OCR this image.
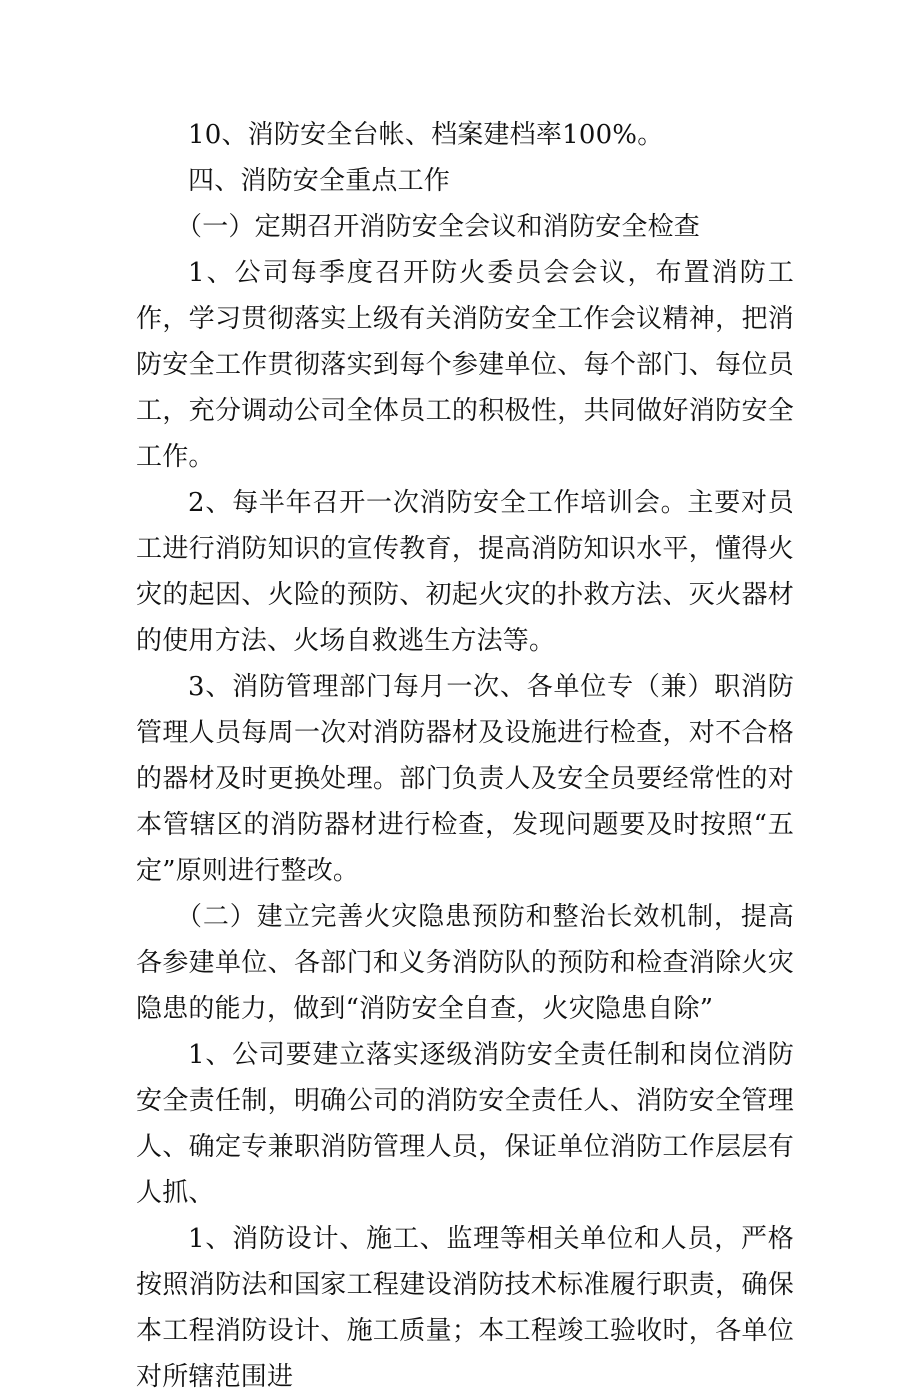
10、消防安全台帐、档案建档率100%。

四、消防安全重点工作

（一）定期召开消防安全会议和消防安全检查

1、公司每季度召开防火委员会会议，布置消防工作，学习贯彻落实上级有关消防安全工作会议精神，把消防安全工作贯彻落实到每个参建单位、每个部门、每位员工，充分调动公司全体员工的积极性，共同做好消防安全工作。

2、每半年召开一次消防安全工作培训会。主要对员工进行消防知识的宣传教育，提高消防知识水平，懂得火灾的起因、火险的预防、初起火灾的扑救方法、灭火器材的使用方法、火场自救逃生方法等。

3、消防管理部门每月一次、各单位专（兼）职消防管理人员每周一次对消防器材及设施进行检查，对不合格的器材及时更换处理。部门负责人及安全员要经常性的对本管辖区的消防器材进行检查，发现问题要及时按照“五定”原则进行整改。

（二）建立完善火灾隐患预防和整治长效机制，提高各参建单位、各部门和义务消防队的预防和检查消除火灾隐患的能力，做到“消防安全自查，火灾隐患自除”

1、公司要建立落实逐级消防安全责任制和岗位消防安全责任制，明确公司的消防安全责任人、消防安全管理人、确定专兼职消防管理人员，保证单位消防工作层层有人抓、

1、消防设计、施工、监理等相关单位和人员，严格按照消防法和国家工程建设消防技术标准履行职责，确保本工程消防设计、施工质量；本工程竣工验收时，各单位对所辖范围进
